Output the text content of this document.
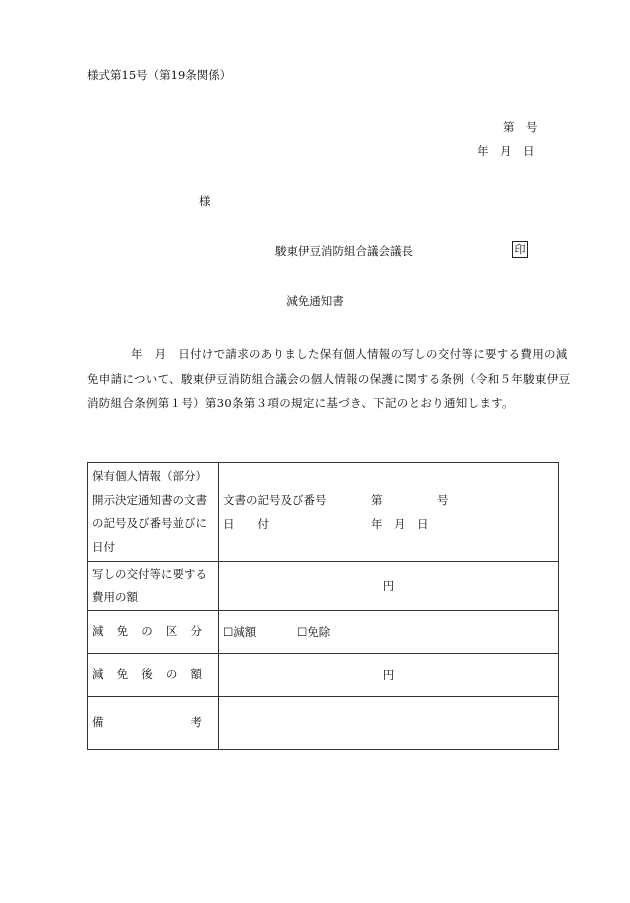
様式第15号（第19条関係）
第　号
年　月　日
様
駿東伊豆消防組合議会議長	印
減免通知書
年　月　日付けで請求のありました保有個人情報の写しの交付等に要する費用の減免申請について、駿東伊豆消防組合議会の個人情報の保護に関する条例（令和５年駿東伊豆消防組合条例第１号）第30条第３項の規定に基づき、下記のとおり通知します。
保有個人情報（部分）開示決定通知書の文書の記号及び番号並びに日付	文書の記号及び番号 第 号
日　　付 年　月　日

写しの交付等に要する費用の額	円

減 免 の 区 分	☐減額 ☐免除

減 免 後 の 額	円

備 考	
